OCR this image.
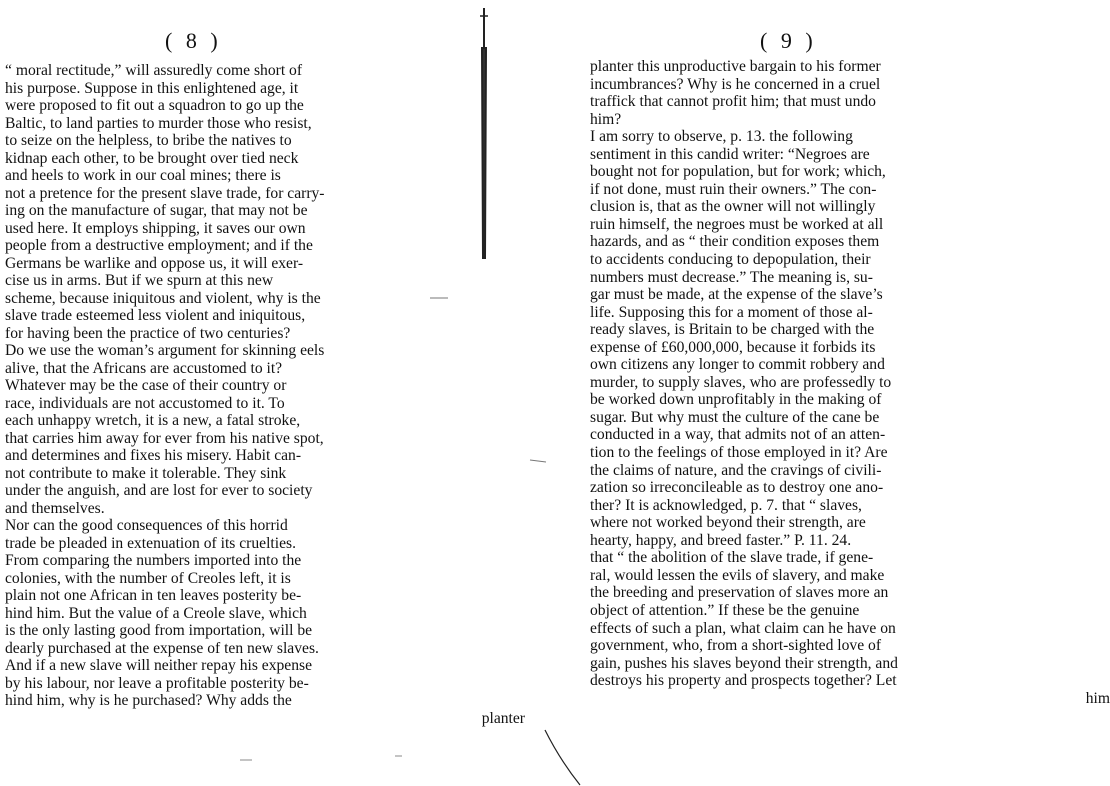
( 8 )
“ moral rectitude,” will assuredly come short of
his purpose. Suppose in this enlightened age, it
were proposed to fit out a squadron to go up the
Baltic, to land parties to murder those who resist,
to seize on the helpless, to bribe the natives to
kidnap each other, to be brought over tied neck
and heels to work in our coal mines; there is
not a pretence for the present slave trade, for carry-
ing on the manufacture of sugar, that may not be
used here. It employs shipping, it saves our own
people from a destructive employment; and if the
Germans be warlike and oppose us, it will exer-
cise us in arms. But if we spurn at this new
scheme, because iniquitous and violent, why is the
slave trade esteemed less violent and iniquitous,
for having been the practice of two centuries?
Do we use the woman’s argument for skinning eels
alive, that the Africans are accustomed to it?
Whatever may be the case of their country or
race, individuals are not accustomed to it. To
each unhappy wretch, it is a new, a fatal stroke,
that carries him away for ever from his native spot,
and determines and fixes his misery. Habit can-
not contribute to make it tolerable. They sink
under the anguish, and are lost for ever to society
and themselves.
Nor can the good consequences of this horrid
trade be pleaded in extenuation of its cruelties.
From comparing the numbers imported into the
colonies, with the number of Creoles left, it is
plain not one African in ten leaves posterity be-
hind him. But the value of a Creole slave, which
is the only lasting good from importation, will be
dearly purchased at the expense of ten new slaves.
And if a new slave will neither repay his expense
by his labour, nor leave a profitable posterity be-
hind him, why is he purchased? Why adds the
planter
( 9 )
planter this unproductive bargain to his former
incumbrances? Why is he concerned in a cruel
traffick that cannot profit him; that must undo
him?
I am sorry to observe, p. 13. the following
sentiment in this candid writer: “Negroes are
bought not for population, but for work; which,
if not done, must ruin their owners.” The con-
clusion is, that as the owner will not willingly
ruin himself, the negroes must be worked at all
hazards, and as “ their condition exposes them
to accidents conducing to depopulation, their
numbers must decrease.” The meaning is, su-
gar must be made, at the expense of the slave’s
life. Supposing this for a moment of those al-
ready slaves, is Britain to be charged with the
expense of £60,000,000, because it forbids its
own citizens any longer to commit robbery and
murder, to supply slaves, who are professedly to
be worked down unprofitably in the making of
sugar. But why must the culture of the cane be
conducted in a way, that admits not of an atten-
tion to the feelings of those employed in it? Are
the claims of nature, and the cravings of civili-
zation so irreconcileable as to destroy one ano-
ther? It is acknowledged, p. 7. that “ slaves,
where not worked beyond their strength, are
hearty, happy, and breed faster.” P. 11. 24.
that “ the abolition of the slave trade, if gene-
ral, would lessen the evils of slavery, and make
the breeding and preservation of slaves more an
object of attention.” If these be the genuine
effects of such a plan, what claim can he have on
government, who, from a short-sighted love of
gain, pushes his slaves beyond their strength, and
destroys his property and prospects together? Let
him
